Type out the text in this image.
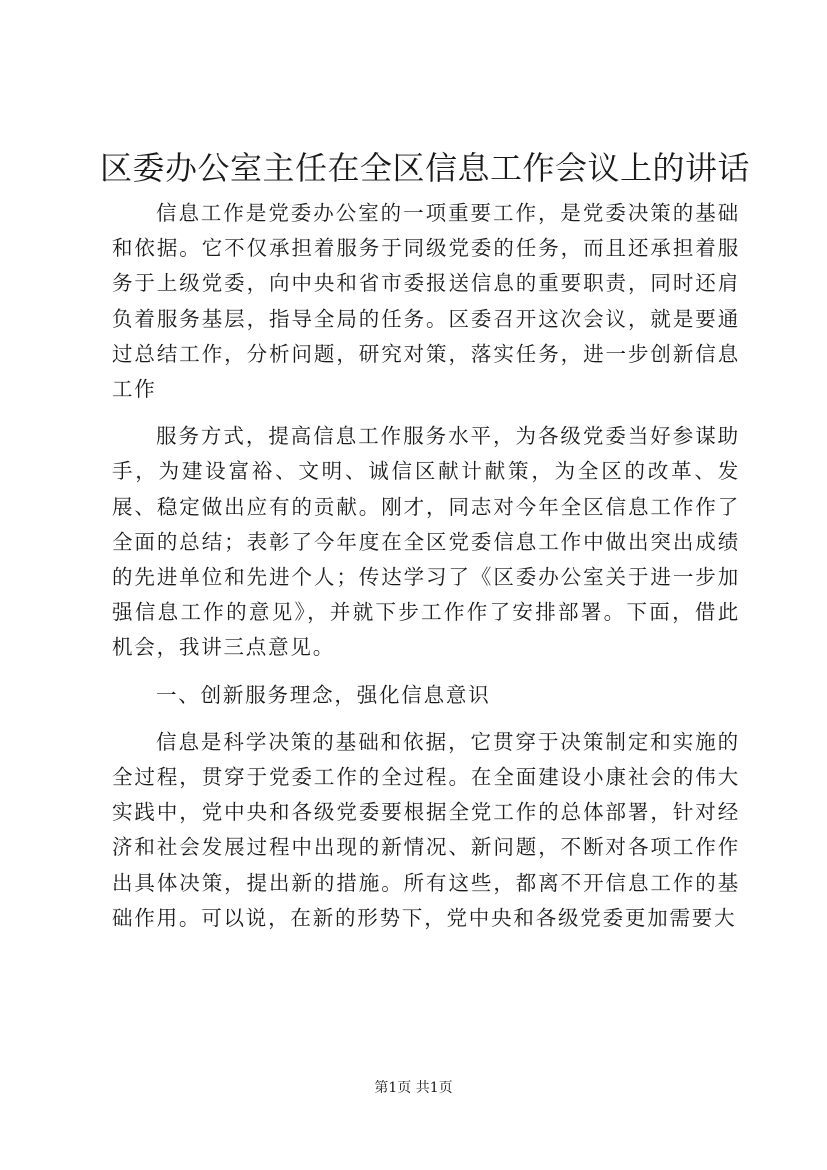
区委办公室主任在全区信息工作会议上的讲话

信息工作是党委办公室的一项重要工作，是党委决策的基础和依据。它不仅承担着服务于同级党委的任务，而且还承担着服务于上级党委，向中央和省市委报送信息的重要职责，同时还肩负着服务基层，指导全局的任务。区委召开这次会议，就是要通过总结工作，分析问题，研究对策，落实任务，进一步创新信息工作

服务方式，提高信息工作服务水平，为各级党委当好参谋助手，为建设富裕、文明、诚信区献计献策，为全区的改革、发展、稳定做出应有的贡献。刚才，同志对今年全区信息工作作了全面的总结；表彰了今年度在全区党委信息工作中做出突出成绩的先进单位和先进个人；传达学习了《区委办公室关于进一步加强信息工作的意见》，并就下步工作作了安排部署。下面，借此机会，我讲三点意见。

一、创新服务理念，强化信息意识

信息是科学决策的基础和依据，它贯穿于决策制定和实施的全过程，贯穿于党委工作的全过程。在全面建设小康社会的伟大实践中，党中央和各级党委要根据全党工作的总体部署，针对经济和社会发展过程中出现的新情况、新问题，不断对各项工作作出具体决策，提出新的措施。所有这些，都离不开信息工作的基础作用。可以说，在新的形势下，党中央和各级党委更加需要大

第1页 共1页
